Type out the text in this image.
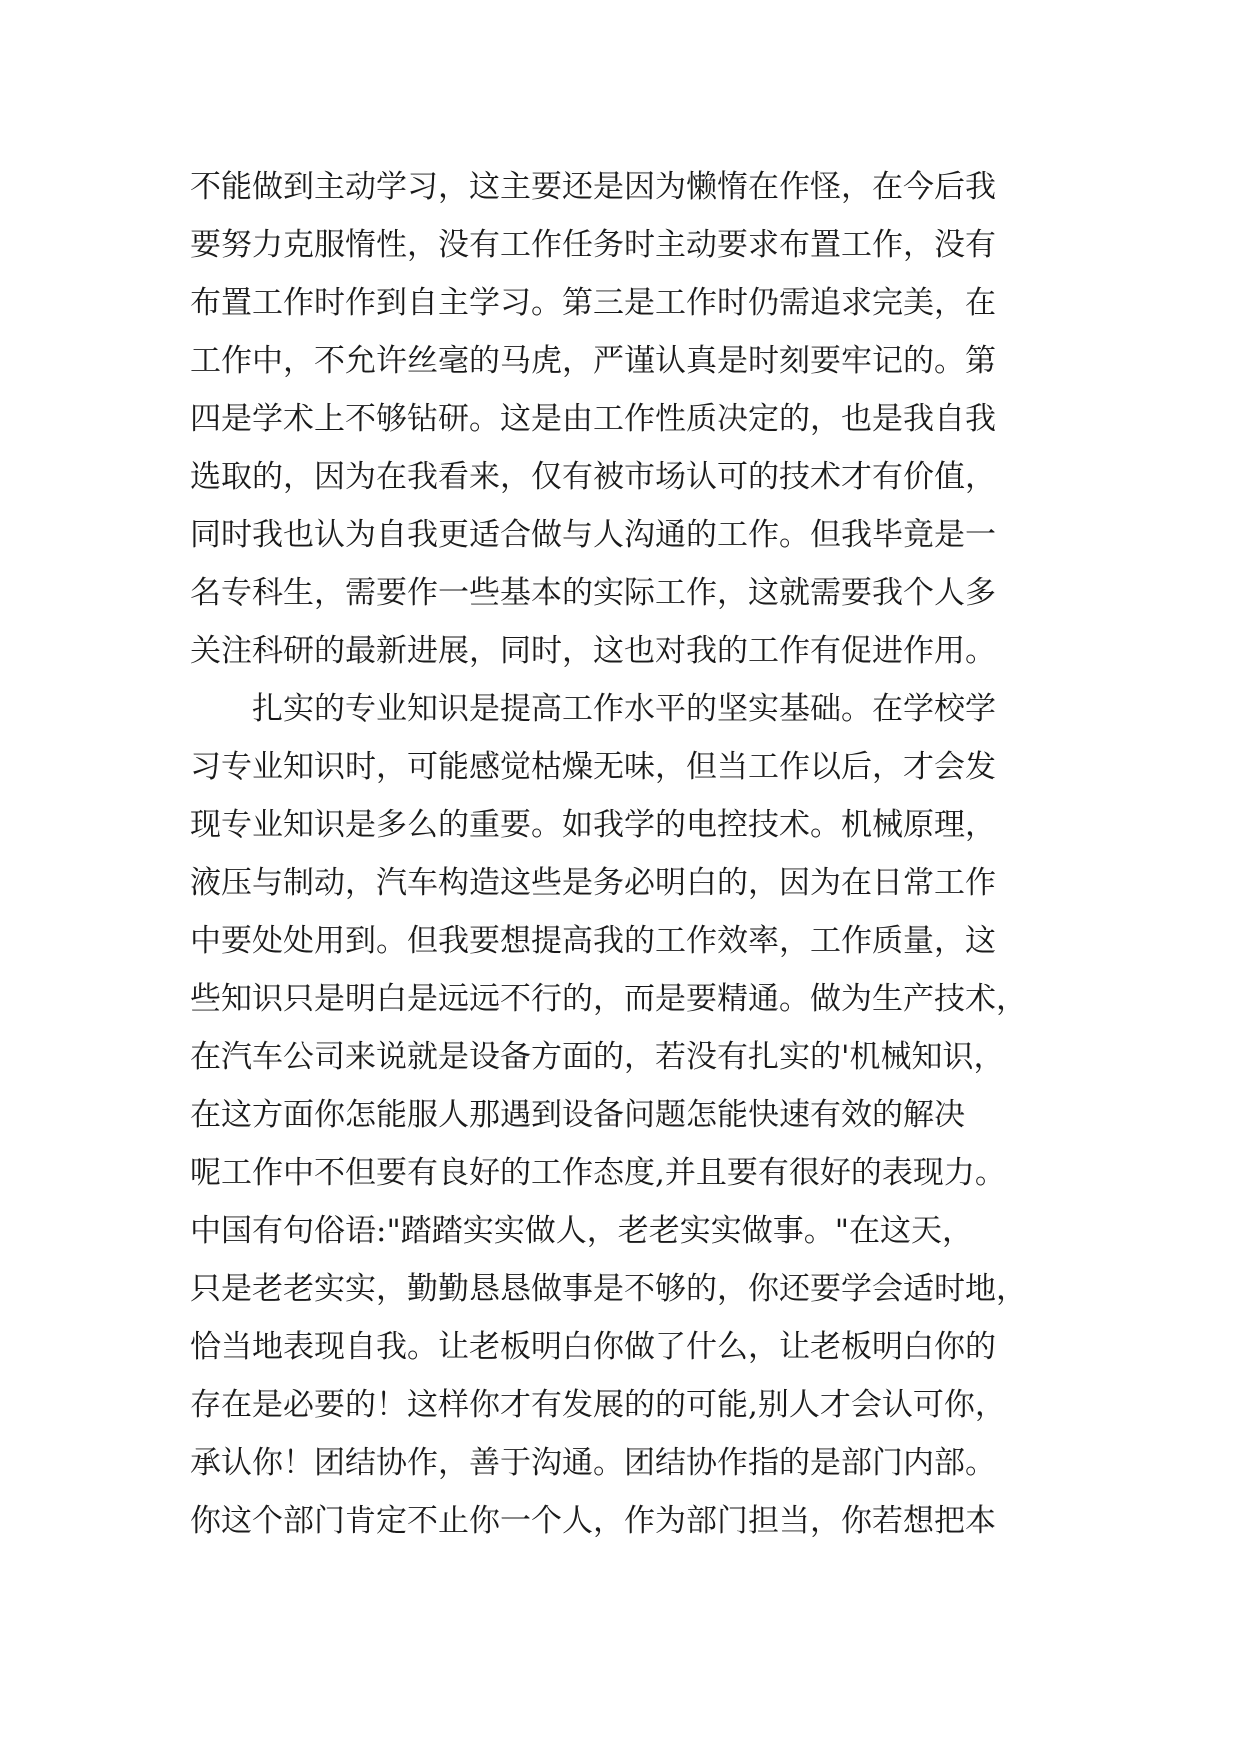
不能做到主动学习，这主要还是因为懒惰在作怪，在今后我
要努力克服惰性，没有工作任务时主动要求布置工作，没有
布置工作时作到自主学习。第三是工作时仍需追求完美，在
工作中，不允许丝毫的马虎，严谨认真是时刻要牢记的。第
四是学术上不够钻研。这是由工作性质决定的，也是我自我
选取的，因为在我看来，仅有被市场认可的技术才有价值，
同时我也认为自我更适合做与人沟通的工作。但我毕竟是一
名专科生，需要作一些基本的实际工作，这就需要我个人多
关注科研的最新进展，同时，这也对我的工作有促进作用。
扎实的专业知识是提高工作水平的坚实基础。在学校学
习专业知识时，可能感觉枯燥无味，但当工作以后，才会发
现专业知识是多么的重要。如我学的电控技术。机械原理，
液压与制动，汽车构造这些是务必明白的，因为在日常工作
中要处处用到。但我要想提高我的工作效率，工作质量，这
些知识只是明白是远远不行的，而是要精通。做为生产技术，
在汽车公司来说就是设备方面的，若没有扎实的'机械知识，
在这方面你怎能服人那遇到设备问题怎能快速有效的解决
呢工作中不但要有良好的工作态度,并且要有很好的表现力。
中国有句俗语:"踏踏实实做人，老老实实做事。"在这天，
只是老老实实，勤勤恳恳做事是不够的，你还要学会适时地，
恰当地表现自我。让老板明白你做了什么，让老板明白你的
存在是必要的！这样你才有发展的的可能,别人才会认可你，
承认你！团结协作，善于沟通。团结协作指的是部门内部。
你这个部门肯定不止你一个人，作为部门担当，你若想把本
